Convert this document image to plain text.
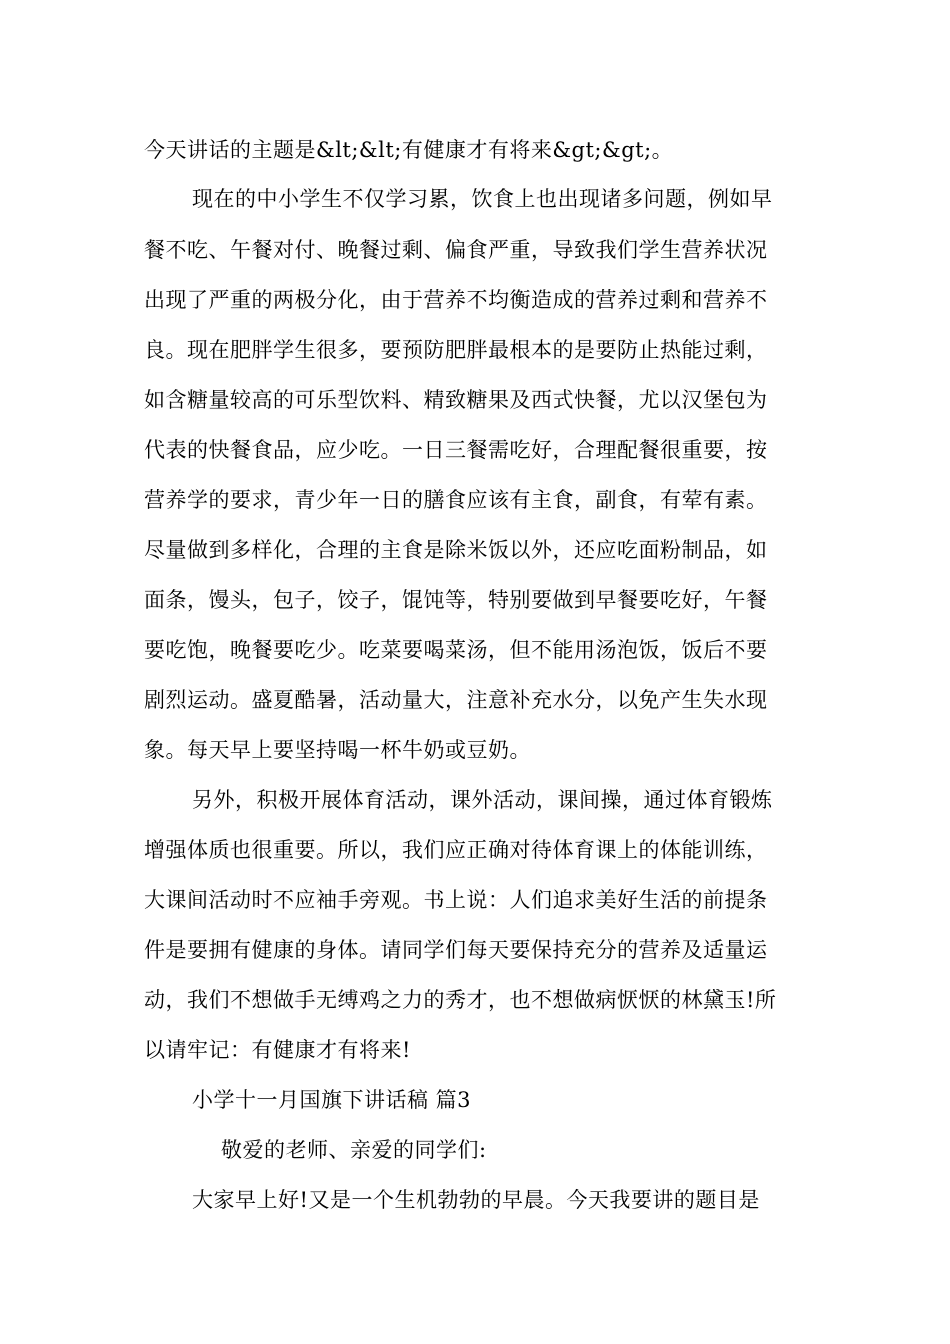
今天讲话的主题是&lt;&lt;有健康才有将来&gt;&gt;。
现在的中小学生不仅学习累，饮食上也出现诸多问题，例如早
餐不吃、午餐对付、晚餐过剩、偏食严重，导致我们学生营养状况
出现了严重的两极分化，由于营养不均衡造成的营养过剩和营养不
良。现在肥胖学生很多，要预防肥胖最根本的是要防止热能过剩，
如含糖量较高的可乐型饮料、精致糖果及西式快餐，尤以汉堡包为
代表的快餐食品，应少吃。一日三餐需吃好，合理配餐很重要，按
营养学的要求，青少年一日的膳食应该有主食，副食，有荤有素。
尽量做到多样化，合理的主食是除米饭以外，还应吃面粉制品，如
面条，馒头，包子，饺子，馄饨等，特别要做到早餐要吃好，午餐
要吃饱，晚餐要吃少。吃菜要喝菜汤，但不能用汤泡饭，饭后不要
剧烈运动。盛夏酷暑，活动量大，注意补充水分，以免产生失水现
象。每天早上要坚持喝一杯牛奶或豆奶。
另外，积极开展体育活动，课外活动，课间操，通过体育锻炼
增强体质也很重要。所以，我们应正确对待体育课上的体能训练，
大课间活动时不应袖手旁观。书上说：人们追求美好生活的前提条
件是要拥有健康的身体。请同学们每天要保持充分的营养及适量运
动，我们不想做手无缚鸡之力的秀才，也不想做病恹恹的林黛玉!所
以请牢记：有健康才有将来!
小学十一月国旗下讲话稿 篇3
敬爱的老师、亲爱的同学们:
大家早上好!又是一个生机勃勃的早晨。今天我要讲的题目是
